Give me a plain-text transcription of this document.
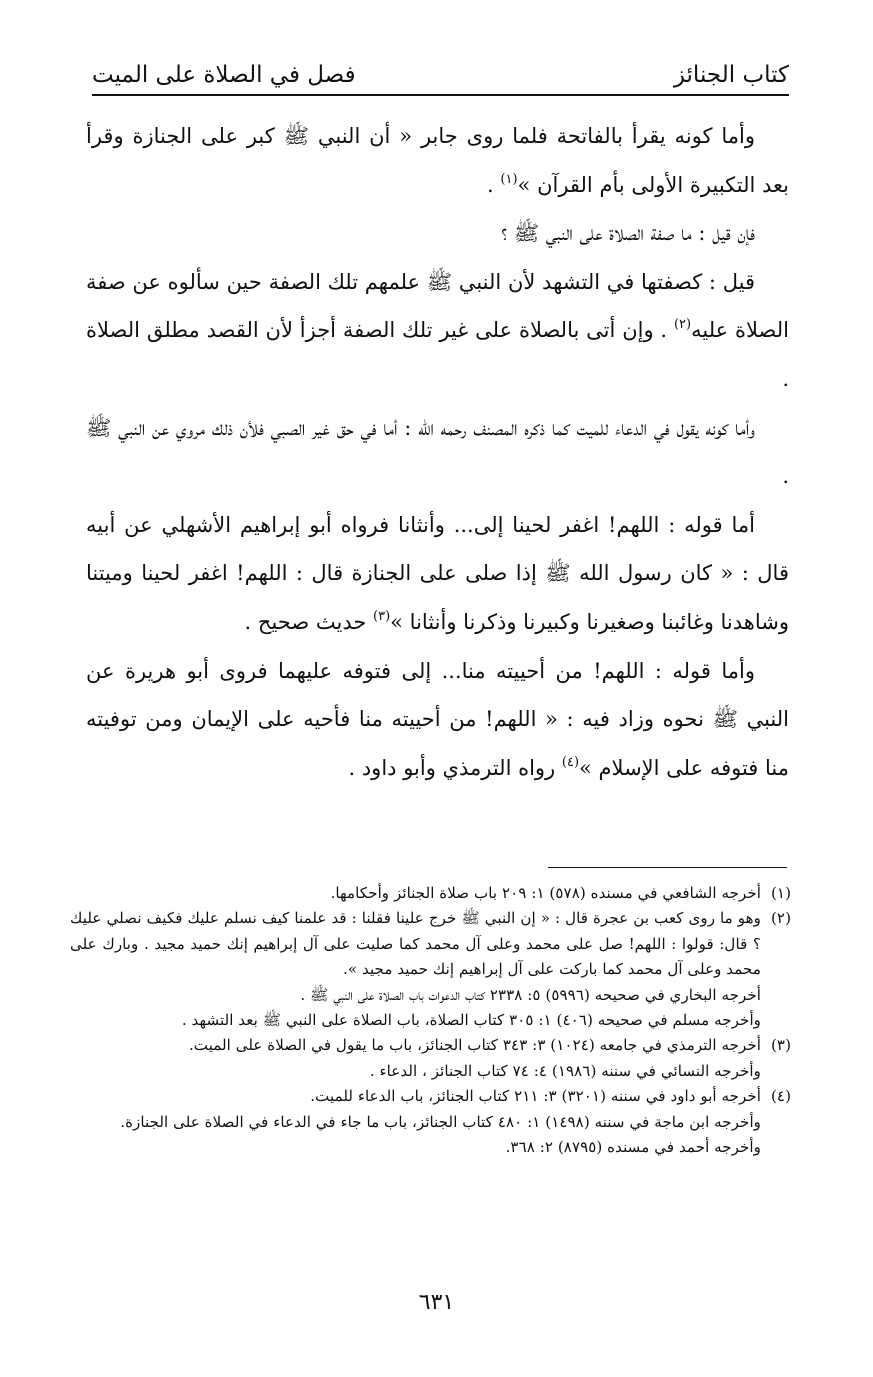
كتاب الجنائز
فصل في الصلاة على الميت

وأما كونه يقرأ بالفاتحة فلما روى جابر « أن النبي ﷺ كبر على الجنازة وقرأ بعد التكبيرة الأولى بأم القرآن »$^{(١)}$ .

فإن قيل : ما صفة الصلاة على النبي ﷺ ؟

قيل : كصفتها في التشهد لأن النبي ﷺ علمهم تلك الصفة حين سألوه عن صفة الصلاة عليه$^{(٢)}$ . وإن أتى بالصلاة على غير تلك الصفة أجزأ لأن القصد مطلق الصلاة .

وأما كونه يقول في الدعاء للميت كما ذكره المصنف رحمه الله : أما في حق غير الصبي فلأن ذلك مروي عن النبي ﷺ .

أما قوله : اللهم! اغفر لحينا إلى... وأنثانا فرواه أبو إبراهيم الأشهلي عن أبيه قال : « كان رسول الله ﷺ إذا صلى على الجنازة قال : اللهم! اغفر لحينا وميتنا وشاهدنا وغائبنا وصغيرنا وكبيرنا وذكرنا وأنثانا »$^{(٣)}$ حديث صحيح .

وأما قوله : اللهم! من أحييته منا... إلى فتوفه عليهما فروى أبو هريرة عن النبي ﷺ نحوه وزاد فيه : « اللهم! من أحييته منا فأحيه على الإيمان ومن توفيته منا فتوفه على الإسلام »$^{(٤)}$ رواه الترمذي وأبو داود .

(١)

أخرجه الشافعي في مسنده (٥٧٨) ١: ٢٠٩ باب صلاة الجنائز وأحكامها.

(٢)

وهو ما روى كعب بن عجرة قال : « إن النبي ﷺ خرج علينا فقلنا : قد علمنا كيف نسلم عليك فكيف نصلي عليك ؟ قال: قولوا : اللهم! صل على محمد وعلى آل محمد كما صليت على آل إبراهيم إنك حميد مجيد . وبارك على محمد وعلى آل محمد كما باركت على آل إبراهيم إنك حميد مجيد ».

أخرجه البخاري في صحيحه (٥٩٩٦) ٥: ٢٣٣٨ كتاب الدعوات باب الصلاة على النبي ﷺ .

وأخرجه مسلم في صحيحه (٤٠٦) ١: ٣٠٥ كتاب الصلاة، باب الصلاة على النبي ﷺ بعد التشهد .

(٣)

أخرجه الترمذي في جامعه (١٠٢٤) ٣: ٣٤٣ كتاب الجنائز، باب ما يقول في الصلاة على الميت.

وأخرجه النسائي في سننه (١٩٨٦) ٤: ٧٤ كتاب الجنائز ، الدعاء .

(٤)

أخرجه أبو داود في سننه (٣٢٠١) ٣: ٢١١ كتاب الجنائز، باب الدعاء للميت.

وأخرجه ابن ماجة في سننه (١٤٩٨) ١: ٤٨٠ كتاب الجنائز، باب ما جاء في الدعاء في الصلاة على الجنازة.

وأخرجه أحمد في مسنده (٨٧٩٥) ٢: ٣٦٨.

٦٣١
